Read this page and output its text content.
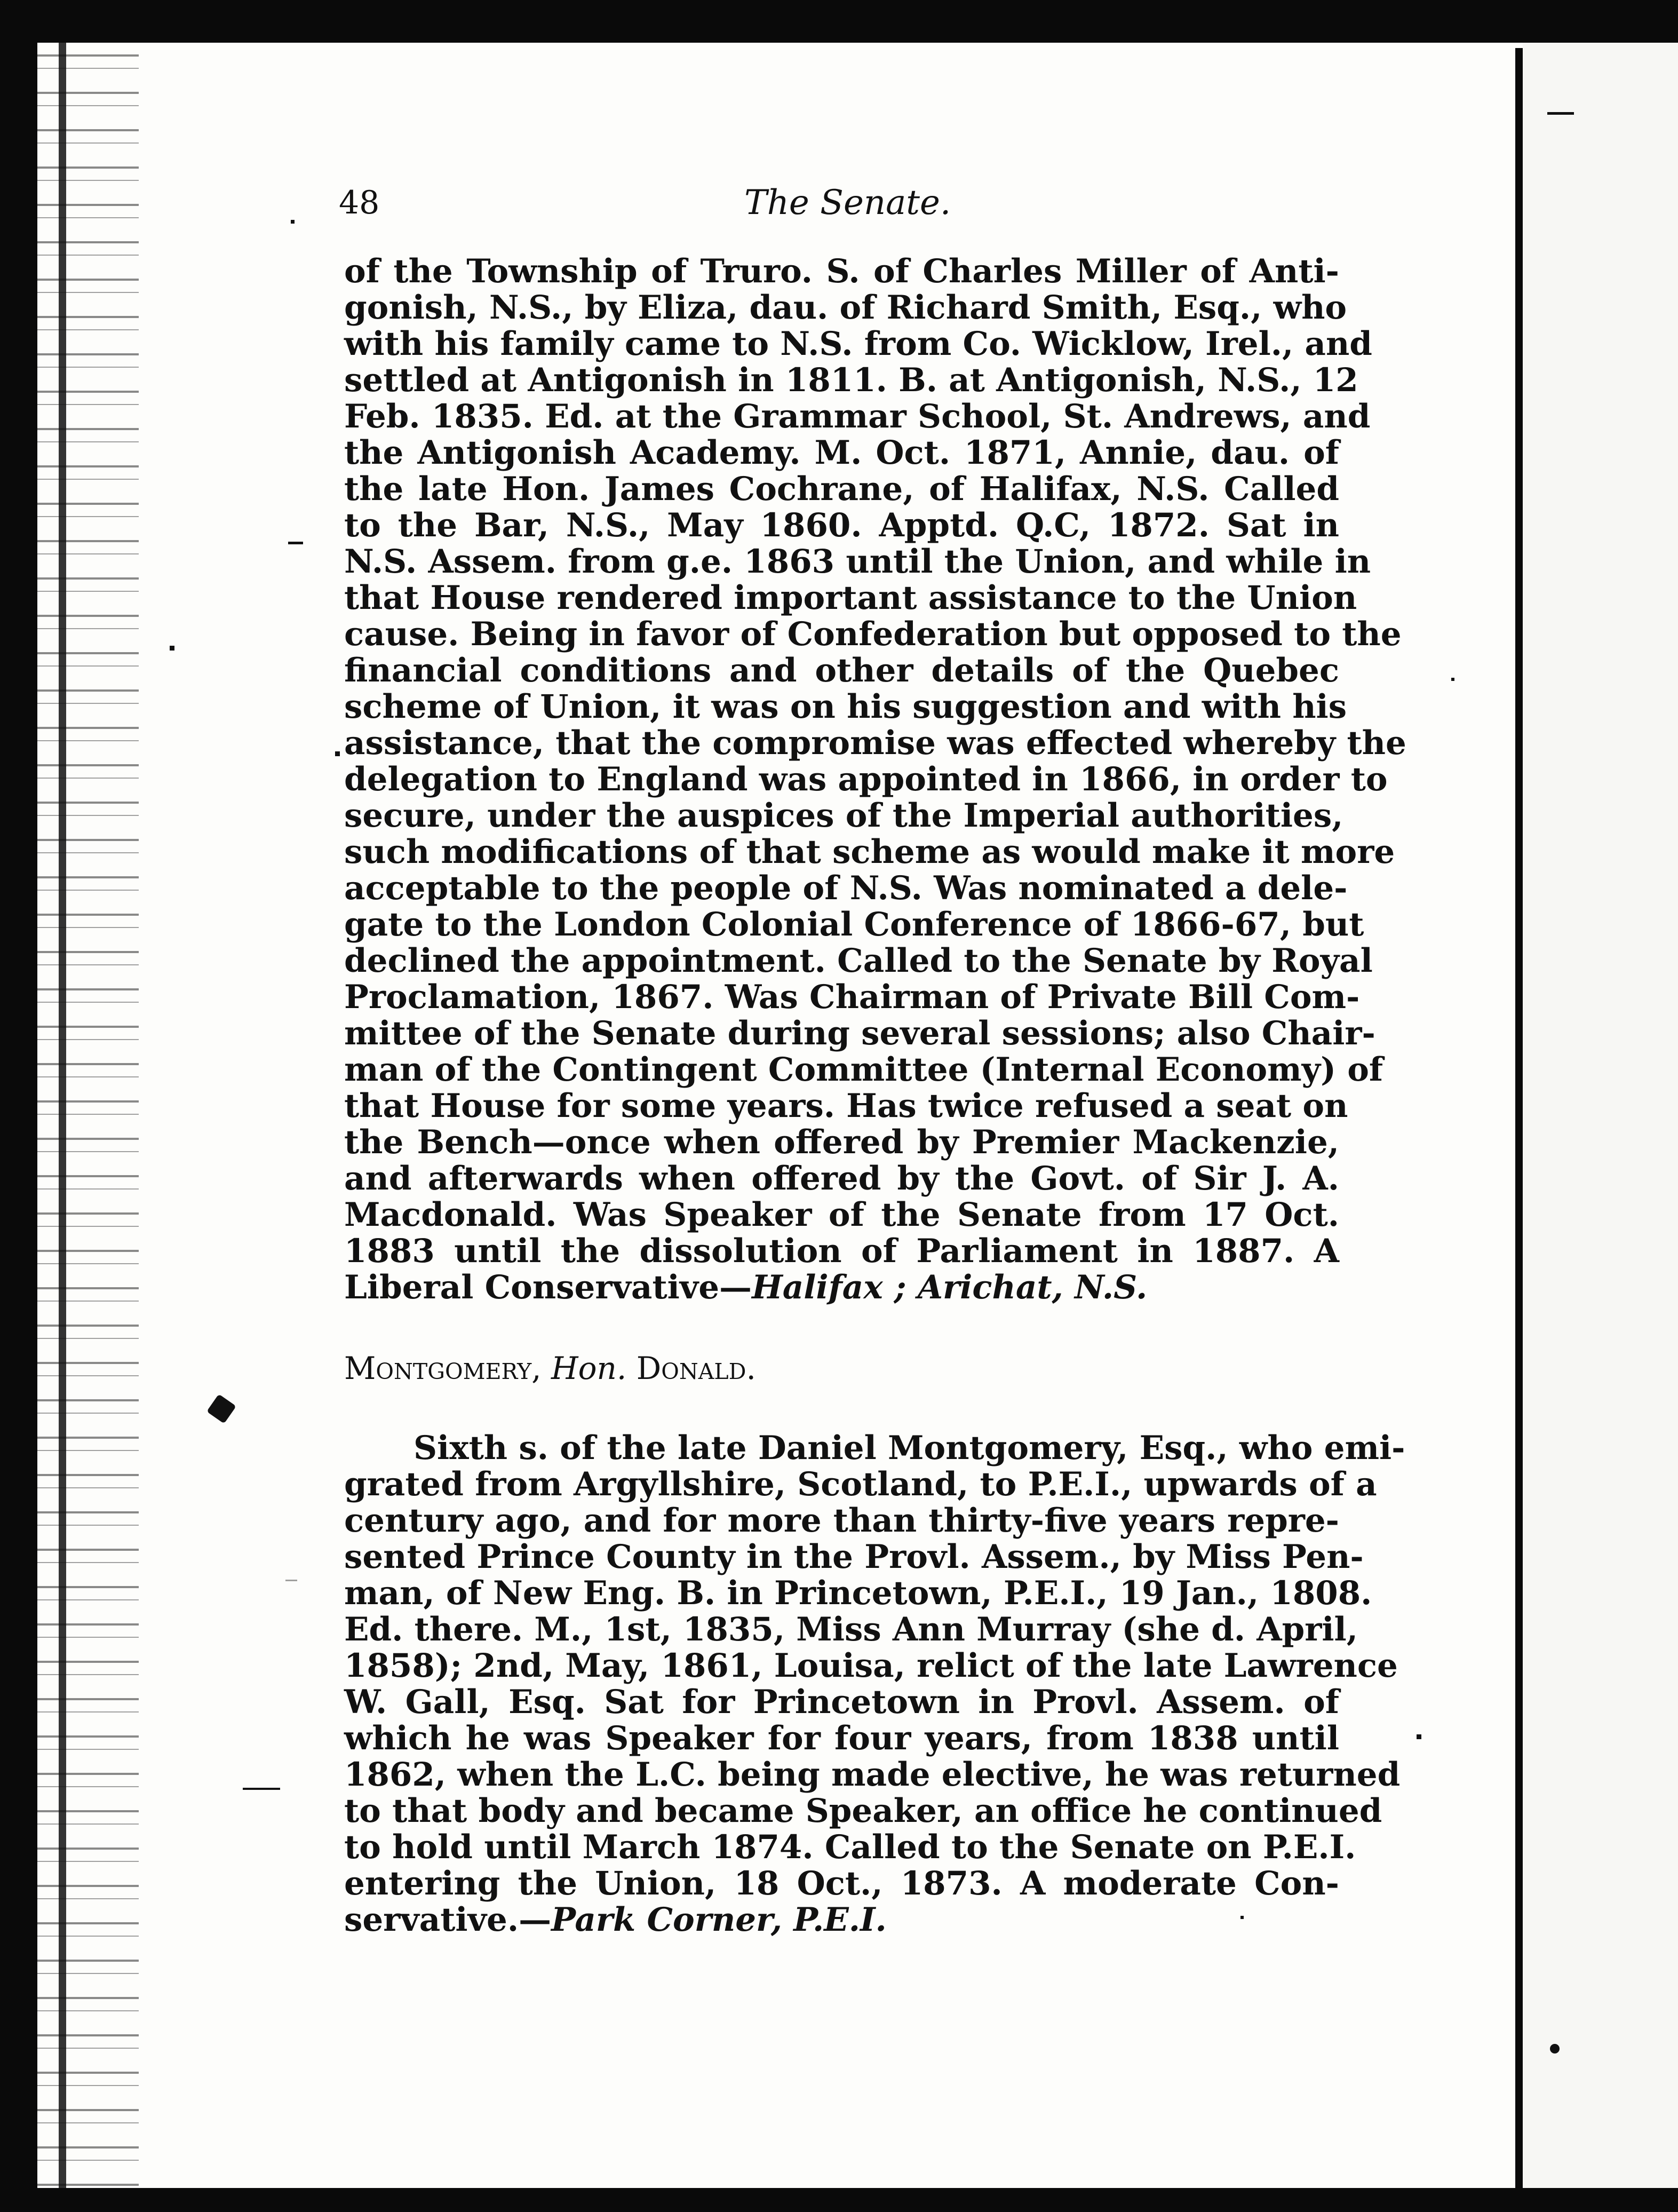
48	The Senate.
of the Township of Truro. S. of Charles Miller of Anti-
gonish, N.S., by Eliza, dau. of Richard Smith, Esq., who
with his family came to N.S. from Co. Wicklow, Irel., and
settled at Antigonish in 1811. B. at Antigonish, N.S., 12
Feb. 1835. Ed. at the Grammar School, St. Andrews, and
the Antigonish Academy. M. Oct. 1871, Annie, dau. of
the late Hon. James Cochrane, of Halifax, N.S. Called
to the Bar, N.S., May 1860. Apptd. Q.C, 1872. Sat in
N.S. Assem. from g.e. 1863 until the Union, and while in
that House rendered important assistance to the Union
cause. Being in favor of Confederation but opposed to the
financial conditions and other details of the Quebec
scheme of Union, it was on his suggestion and with his
assistance, that the compromise was effected whereby the
delegation to England was appointed in 1866, in order to
secure, under the auspices of the Imperial authorities,
such modifications of that scheme as would make it more
acceptable to the people of N.S. Was nominated a dele-
gate to the London Colonial Conference of 1866-67, but
declined the appointment. Called to the Senate by Royal
Proclamation, 1867. Was Chairman of Private Bill Com-
mittee of the Senate during several sessions; also Chair-
man of the Contingent Committee (Internal Economy) of
that House for some years. Has twice refused a seat on
the Bench—once when offered by Premier Mackenzie,
and afterwards when offered by the Govt. of Sir J. A.
Macdonald. Was Speaker of the Senate from 17 Oct.
1883 until the dissolution of Parliament in 1887. A
Liberal Conservative—Halifax ; Arichat, N.S.
Montgomery, Hon. Donald.
Sixth s. of the late Daniel Montgomery, Esq., who emi-
grated from Argyllshire, Scotland, to P.E.I., upwards of a
century ago, and for more than thirty-five years repre-
sented Prince County in the Provl. Assem., by Miss Pen-
man, of New Eng. B. in Princetown, P.E.I., 19 Jan., 1808.
Ed. there. M., 1st, 1835, Miss Ann Murray (she d. April,
1858); 2nd, May, 1861, Louisa, relict of the late Lawrence
W. Gall, Esq. Sat for Princetown in Provl. Assem. of
which he was Speaker for four years, from 1838 until
1862, when the L.C. being made elective, he was returned
to that body and became Speaker, an office he continued
to hold until March 1874. Called to the Senate on P.E.I.
entering the Union, 18 Oct., 1873. A moderate Con-
servative.—Park Corner, P.E.I.
